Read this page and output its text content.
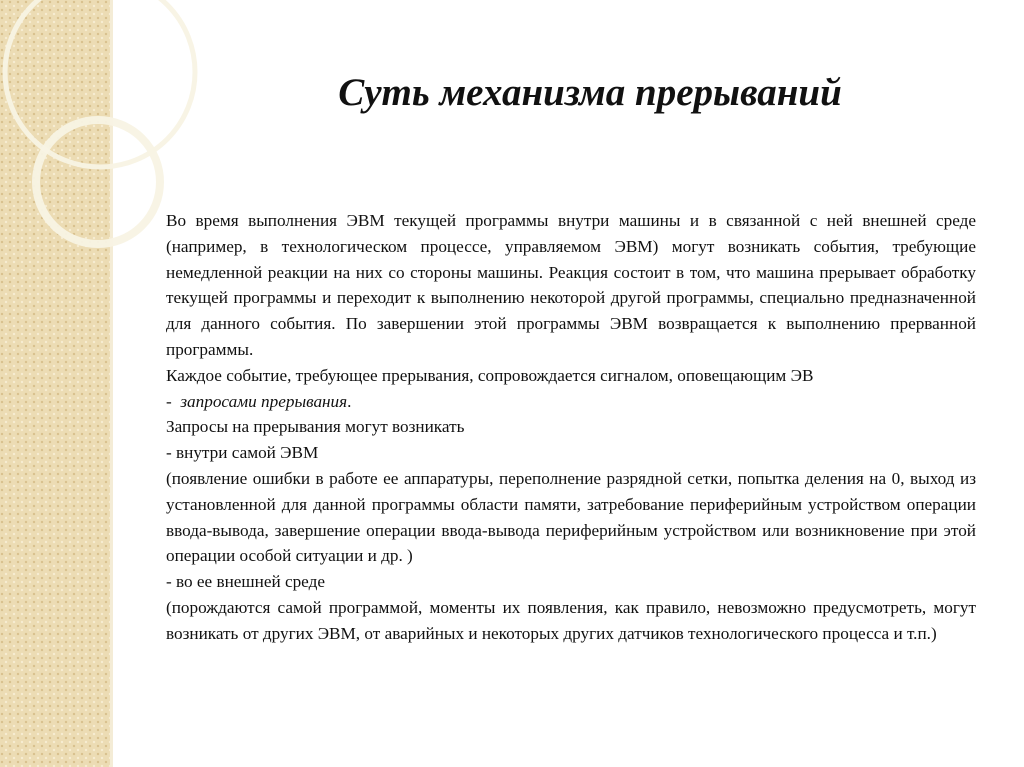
Суть механизма прерываний

Во время выполнения ЭВМ текущей программы внутри машины и в связанной с ней внешней среде (например, в технологическом процессе, управляемом ЭВМ) могут возникать события, требующие немедленной реакции на них со стороны машины. Реакция состоит в том, что машина прерывает обработку текущей программы и переходит к выполнению некоторой другой программы, специально предназначенной для данного события. По завершении этой программы ЭВМ возвращается к выполнению прерванной программы.

Каждое событие, требующее прерывания, сопровождается сигналом, оповещающим ЭВ
- запросами прерывания.

Запросы на прерывания могут возникать

- внутри самой ЭВМ

(появление ошибки в работе ее аппаратуры, переполнение разрядной сетки, попытка деления на 0, выход из установленной для данной программы области памяти, затребование периферийным устройством операции ввода-вывода, завершение операции ввода-вывода периферийным устройством или возникновение при этой операции особой ситуации и др. )

- во ее внешней среде

(порождаются самой программой, моменты их появления, как правило, невозможно предусмотреть, могут возникать от других ЭВМ, от аварийных и некоторых других датчиков технологического процесса и т.п.)
